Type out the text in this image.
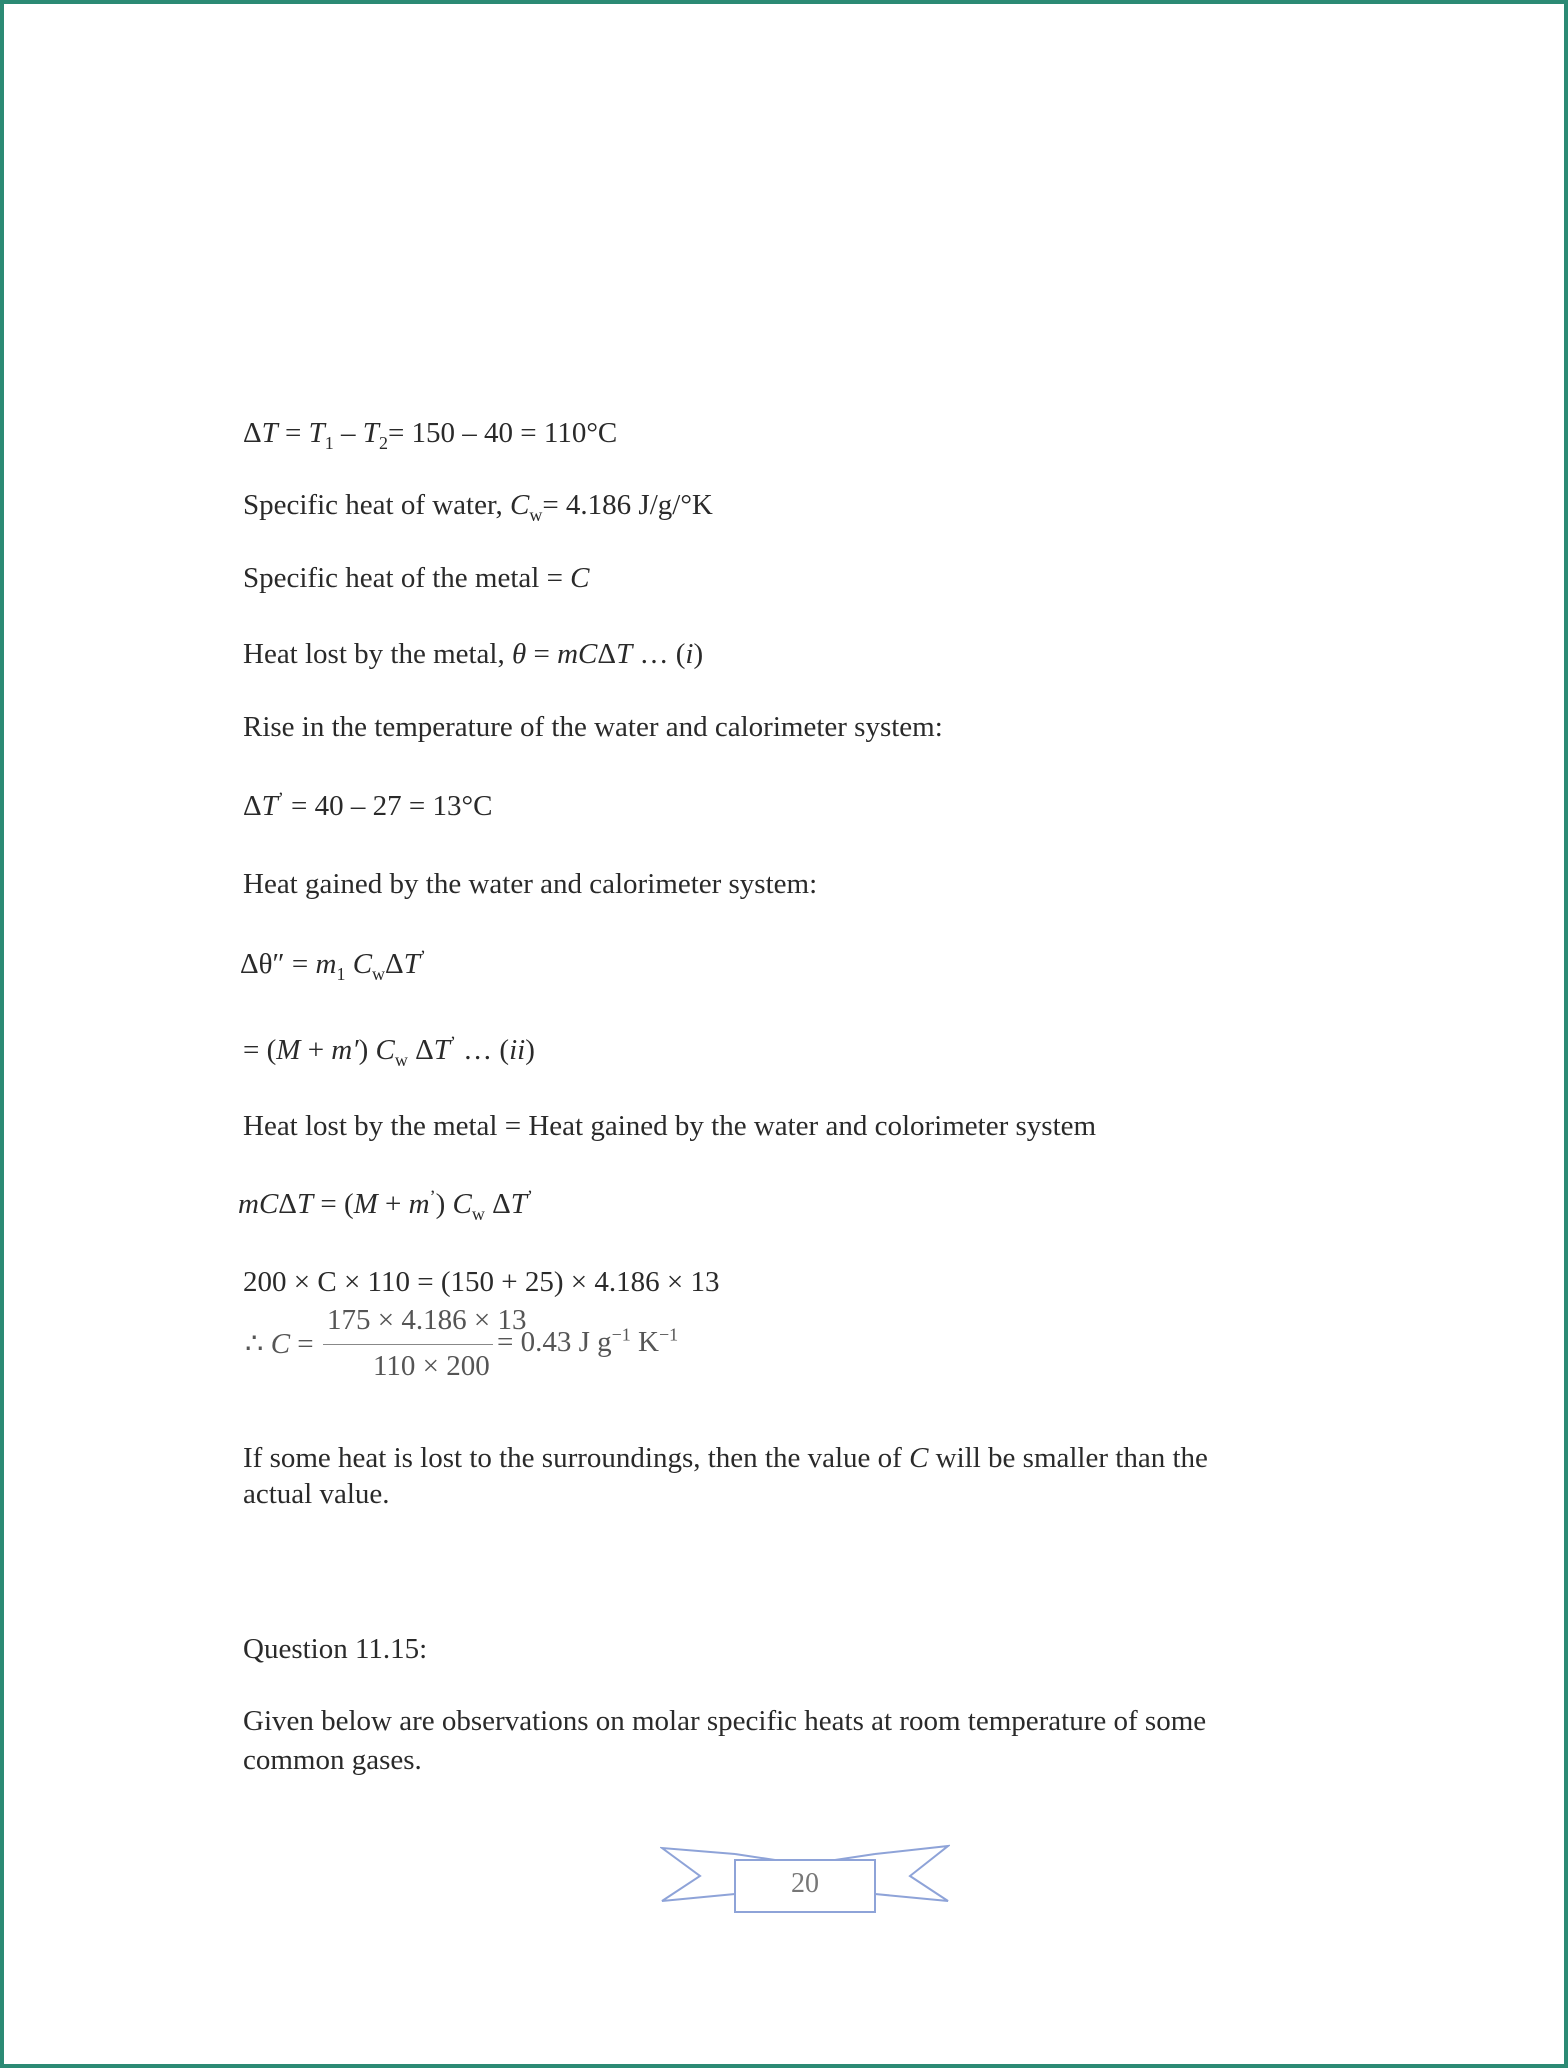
$\Delta T = T_1 - T_2= 150 - 40 = 110^\circ C$
Specific heat of water, $C_w= 4.186$ J/g/°K
Specific heat of the metal = C
Heat lost by the metal, θ = mCΔT … (i)
Rise in the temperature of the water and calorimeter system:
ΔT’ = 40 – 27 = 13°C
Heat gained by the water and calorimeter system:
$\Delta\theta'' = m_1$ $C_w\Delta T^’$
= (M + m′) $C_w$ ΔT’ … (ii)
Heat lost by the metal = Heat gained by the water and colorimeter system
mCΔT = (M + m’) $C_w$ ΔT’
200 × C × 110 = (150 + 25) × 4.186 × 13
∴ C =
175 × 4.186 × 13
110 × 200
= 0.43 J $g^{-1}$ $K^{-1}$
If some heat is lost to the surroundings, then the value of C will be smaller than the
actual value.
Question 11.15:
Given below are observations on molar specific heats at room temperature of some
common gases.
20
